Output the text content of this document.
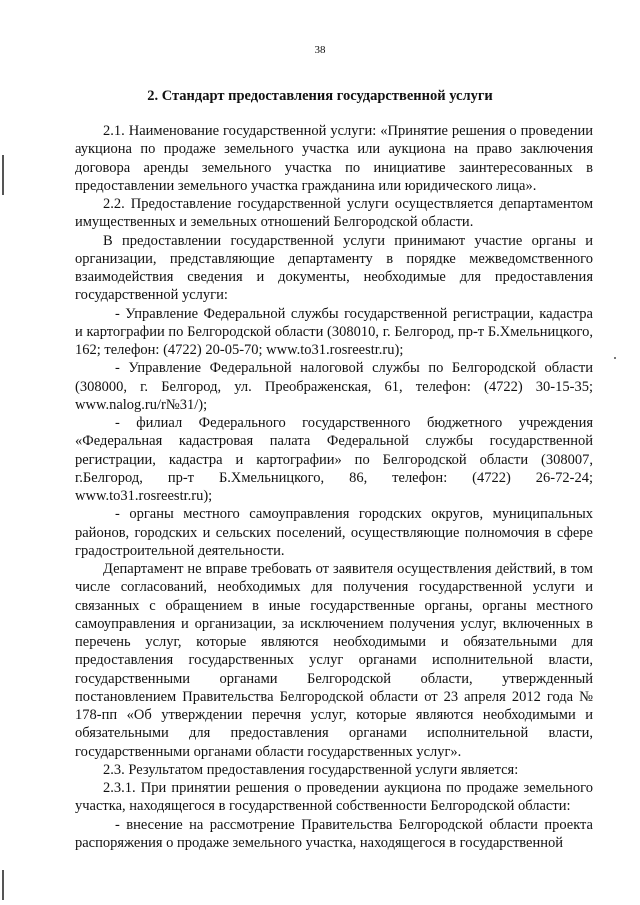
38
2. Стандарт предоставления государственной услуги

2.1. Наименование государственной услуги: «Принятие решения о проведении аукциона по продаже земельного участка или аукциона на право заключения договора аренды земельного участка по инициативе заинтересованных в предоставлении земельного участка гражданина или юридического лица».

2.2. Предоставление государственной услуги осуществляется департаментом имущественных и земельных отношений Белгородской области.

В предоставлении государственной услуги принимают участие органы и организации, представляющие департаменту в порядке межведомственного взаимодействия сведения и документы, необходимые для предоставления государственной услуги:

- Управление Федеральной службы государственной регистрации, кадастра и картографии по Белгородской области (308010, г. Белгород, пр-т Б.Хмельницкого, 162; телефон: (4722) 20-05-70; www.to31.rosreestr.ru);

- Управление Федеральной налоговой службы по Белгородской области (308000, г. Белгород, ул. Преображенская, 61, телефон: (4722) 30-15-35; www.nalog.ru/r№31/);

- филиал Федерального государственного бюджетного учреждения «Федеральная кадастровая палата Федеральной службы государственной регистрации, кадастра и картографии» по Белгородской области (308007, г.Белгород, пр-т Б.Хмельницкого, 86, телефон: (4722) 26-72-24; www.to31.rosreestr.ru);

- органы местного самоуправления городских округов, муниципальных районов, городских и сельских поселений, осуществляющие полномочия в сфере градостроительной деятельности.

Департамент не вправе требовать от заявителя осуществления действий, в том числе согласований, необходимых для получения государственной услуги и связанных с обращением в иные государственные органы, органы местного самоуправления и организации, за исключением получения услуг, включенных в перечень услуг, которые являются необходимыми и обязательными для предоставления государственных услуг органами исполнительной власти, государственными органами Белгородской области, утвержденный постановлением Правительства Белгородской области от 23 апреля 2012 года № 178-пп «Об утверждении перечня услуг, которые являются необходимыми и обязательными для предоставления органами исполнительной власти, государственными органами области государственных услуг».

2.3. Результатом предоставления государственной услуги является:

2.3.1. При принятии решения о проведении аукциона по продаже земельного участка, находящегося в государственной собственности Белгородской области:

- внесение на рассмотрение Правительства Белгородской области проекта распоряжения о продаже земельного участка, находящегося в государственной
